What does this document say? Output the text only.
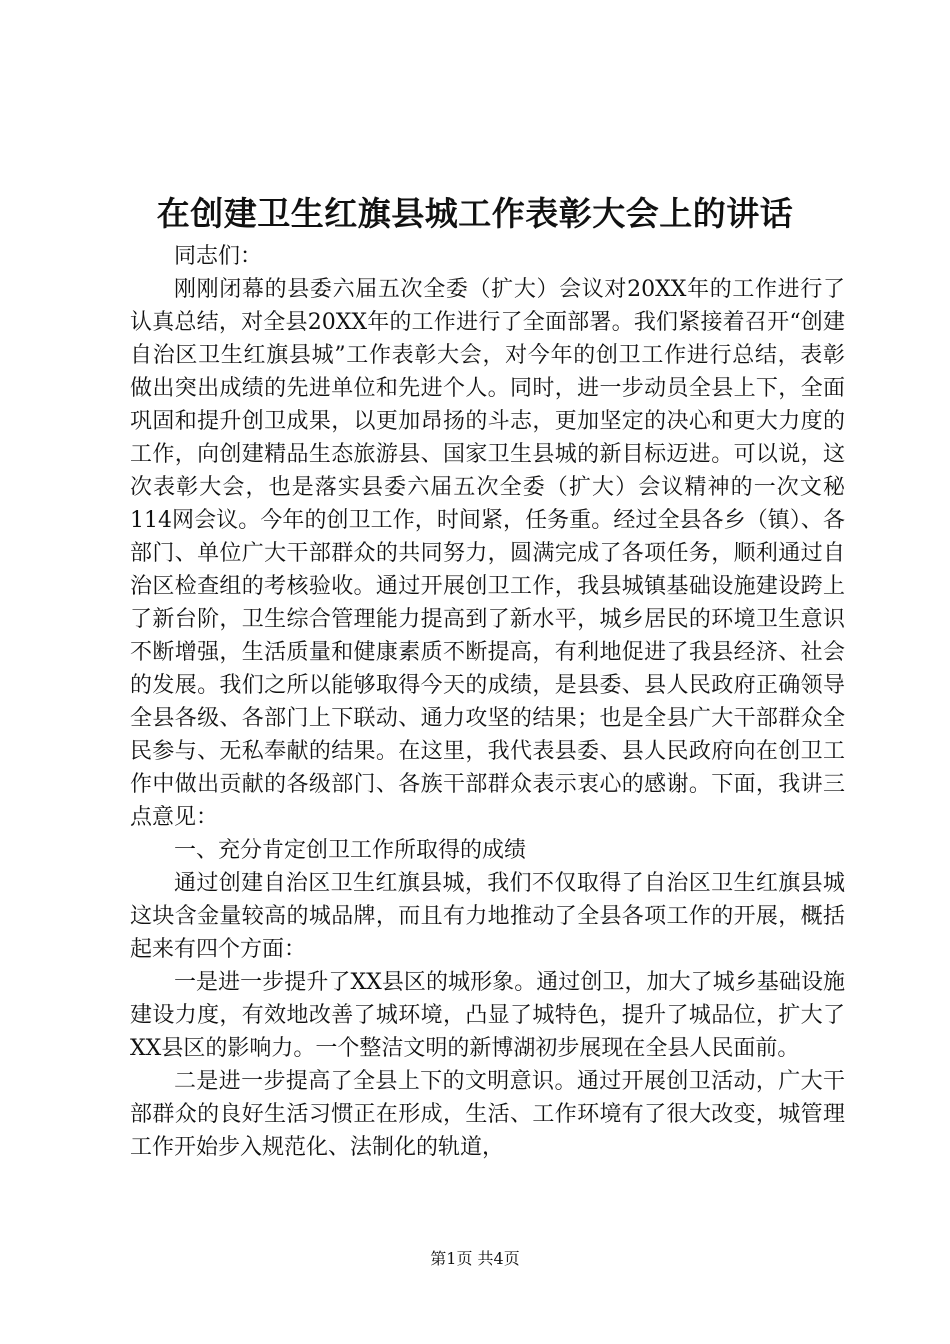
在创建卫生红旗县城工作表彰大会上的讲话

同志们：

刚刚闭幕的县委六届五次全委（扩大）会议对20XX年的工作进行了认真总结，对全县20XX年的工作进行了全面部署。我们紧接着召开“创建自治区卫生红旗县城”工作表彰大会，对今年的创卫工作进行总结，表彰做出突出成绩的先进单位和先进个人。同时，进一步动员全县上下，全面巩固和提升创卫成果，以更加昂扬的斗志，更加坚定的决心和更大力度的工作，向创建精品生态旅游县、国家卫生县城的新目标迈进。可以说，这次表彰大会，也是落实县委六届五次全委（扩大）会议精神的一次文秘114网会议。今年的创卫工作，时间紧，任务重。经过全县各乡（镇）、各部门、单位广大干部群众的共同努力，圆满完成了各项任务，顺利通过自治区检查组的考核验收。通过开展创卫工作，我县城镇基础设施建设跨上了新台阶，卫生综合管理能力提高到了新水平，城乡居民的环境卫生意识不断增强，生活质量和健康素质不断提高，有利地促进了我县经济、社会的发展。我们之所以能够取得今天的成绩，是县委、县人民政府正确领导全县各级、各部门上下联动、通力攻坚的结果；也是全县广大干部群众全民参与、无私奉献的结果。在这里，我代表县委、县人民政府向在创卫工作中做出贡献的各级部门、各族干部群众表示衷心的感谢。下面，我讲三点意见：

一、充分肯定创卫工作所取得的成绩

通过创建自治区卫生红旗县城，我们不仅取得了自治区卫生红旗县城这块含金量较高的城品牌，而且有力地推动了全县各项工作的开展，概括起来有四个方面：

一是进一步提升了XX县区的城形象。通过创卫，加大了城乡基础设施建设力度，有效地改善了城环境，凸显了城特色，提升了城品位，扩大了XX县区的影响力。一个整洁文明的新博湖初步展现在全县人民面前。

二是进一步提高了全县上下的文明意识。通过开展创卫活动，广大干部群众的良好生活习惯正在形成，生活、工作环境有了很大改变，城管理工作开始步入规范化、法制化的轨道，

第1页 共4页
